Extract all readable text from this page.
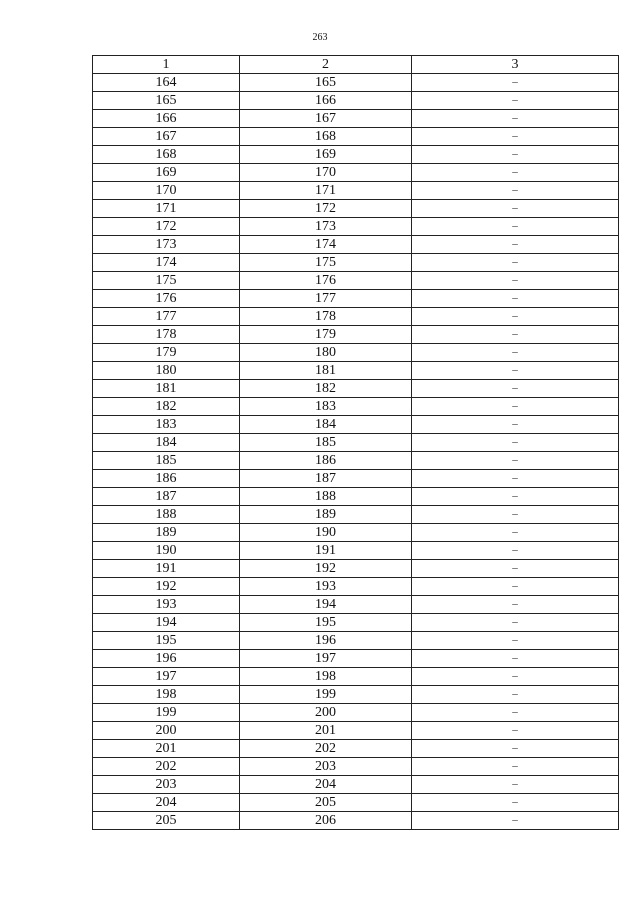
263
1	2	3
164	165	–
165	166	–
166	167	–
167	168	–
168	169	–
169	170	–
170	171	–
171	172	–
172	173	–
173	174	–
174	175	–
175	176	–
176	177	–
177	178	–
178	179	–
179	180	–
180	181	–
181	182	–
182	183	–
183	184	–
184	185	–
185	186	–
186	187	–
187	188	–
188	189	–
189	190	–
190	191	–
191	192	–
192	193	–
193	194	–
194	195	–
195	196	–
196	197	–
197	198	–
198	199	–
199	200	–
200	201	–
201	202	–
202	203	–
203	204	–
204	205	–
205	206	–
